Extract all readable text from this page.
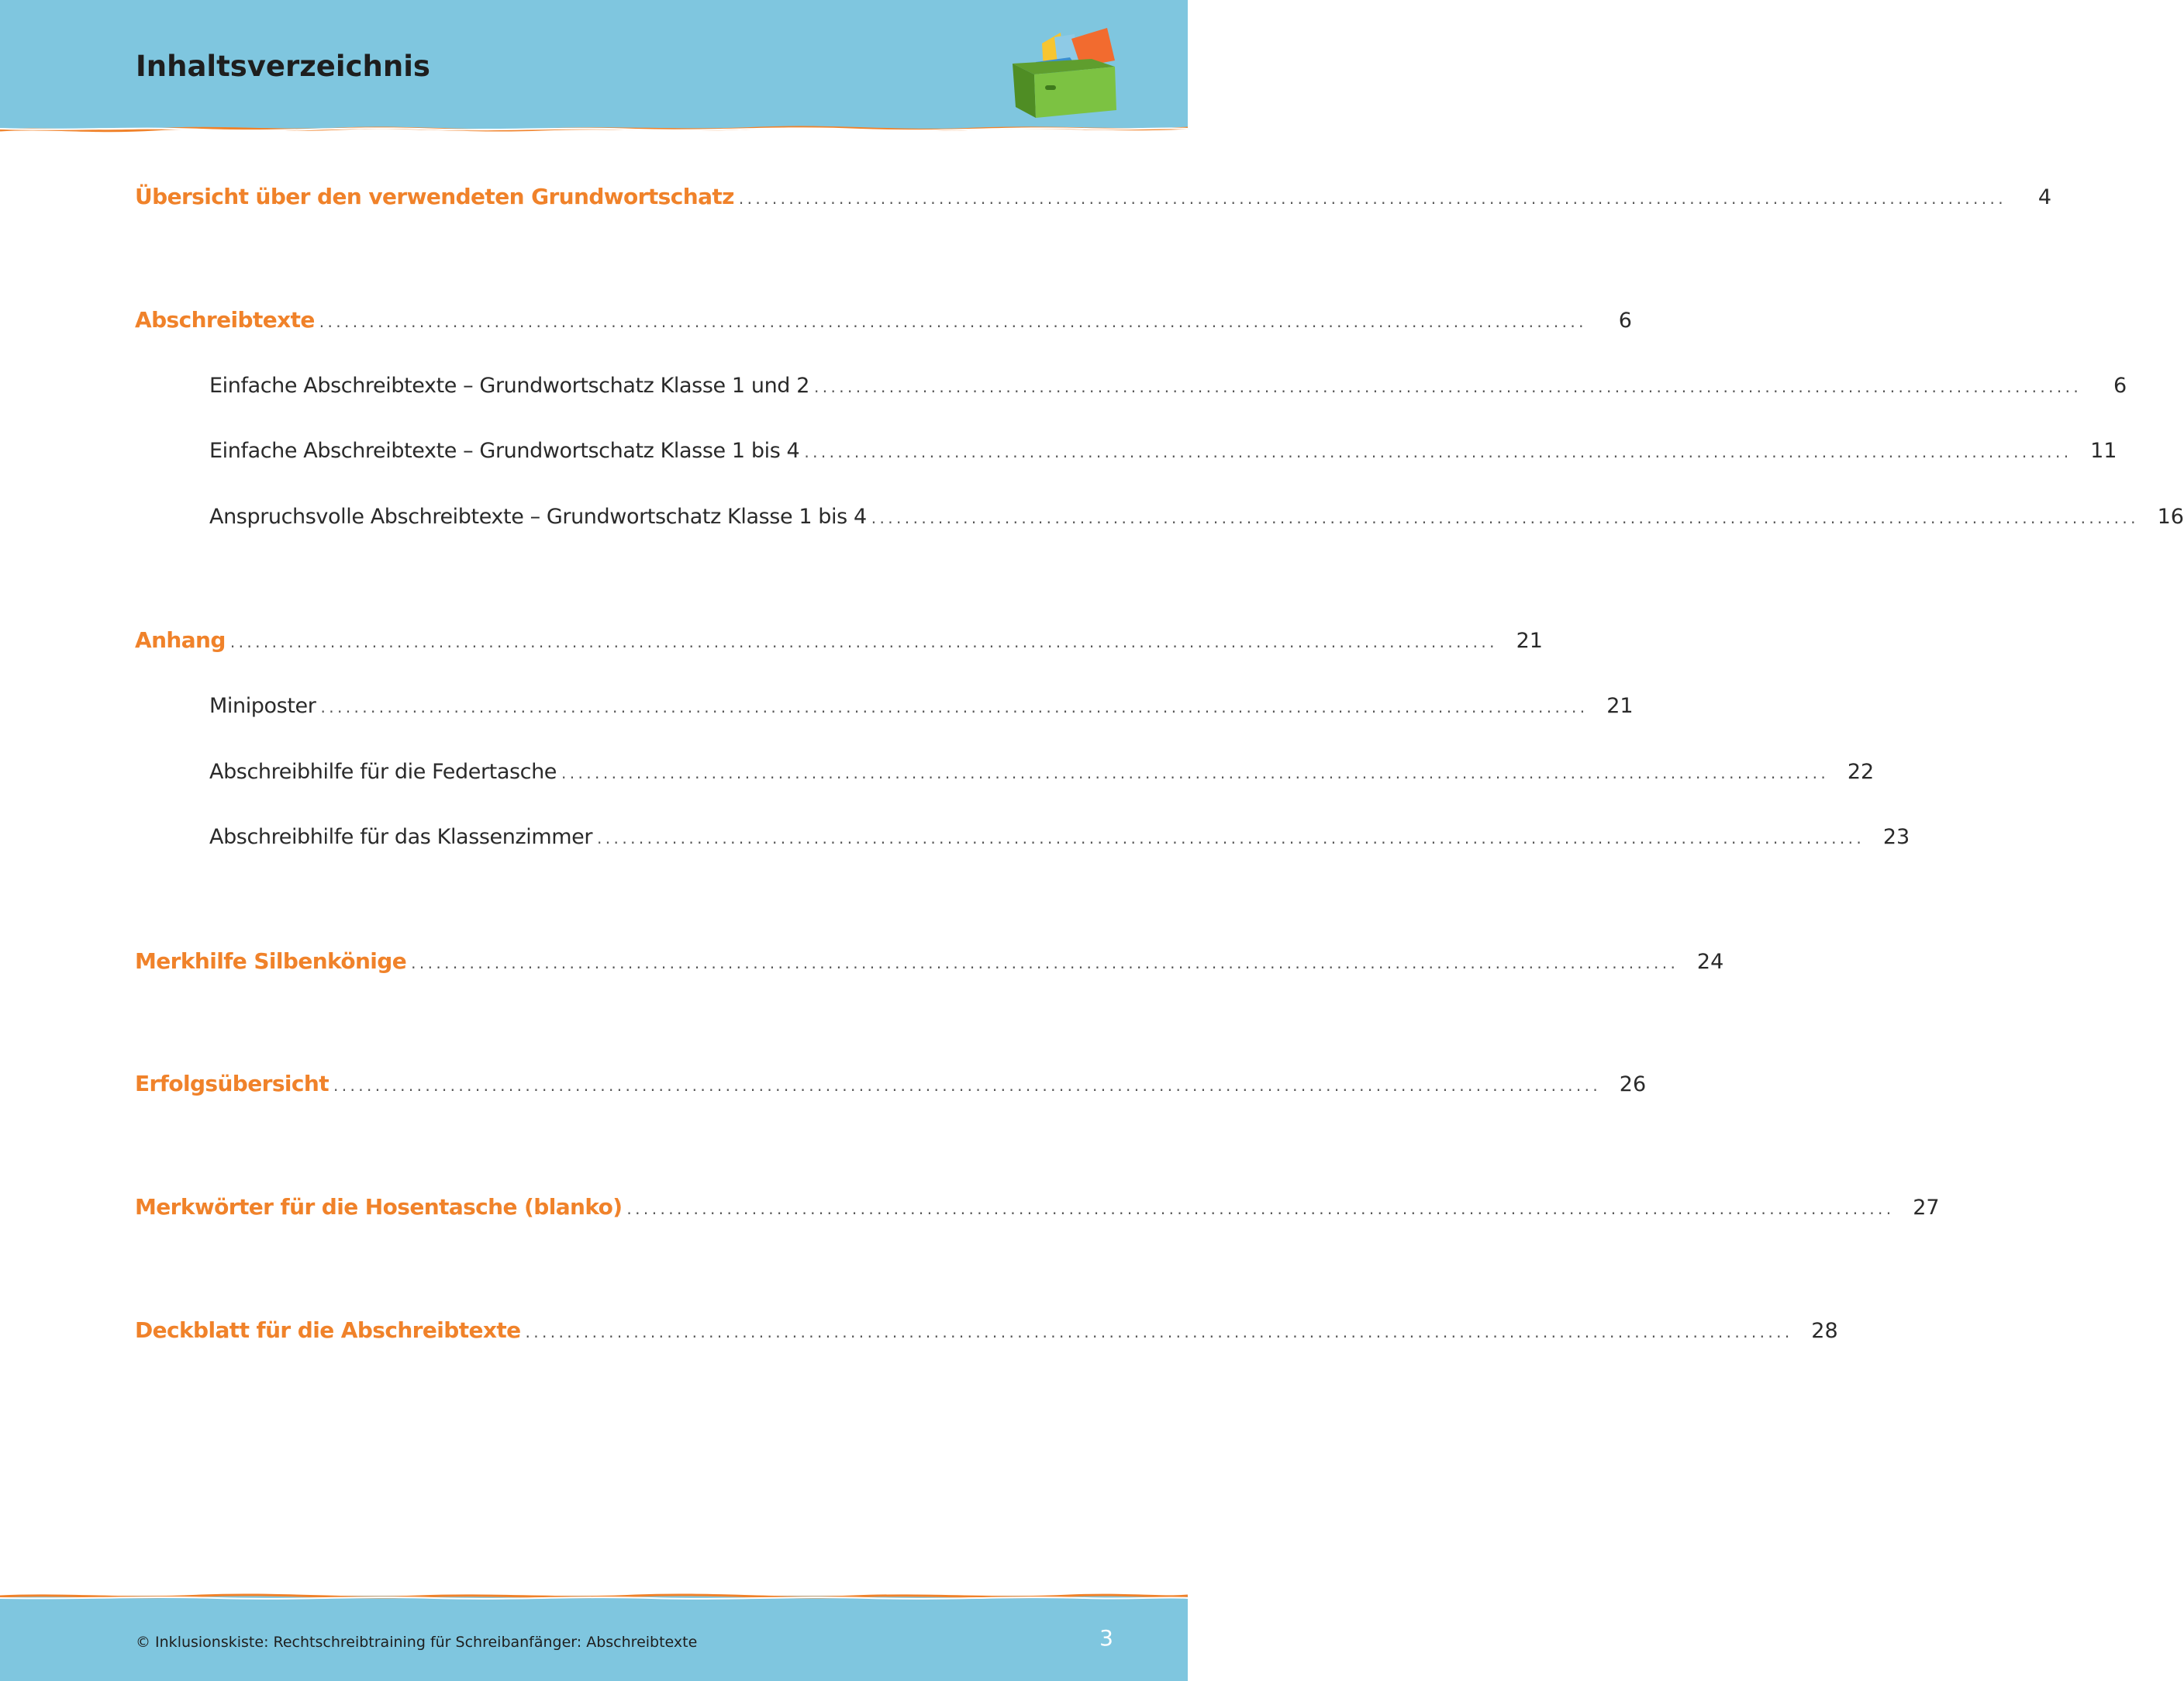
Inhaltsverzeichnis
Übersicht über den verwendeten Grundwortschatz ........................................................................................................................................................	4
Abschreibtexte ........................................................................................................................................................	6
Einfache Abschreibtexte – Grundwortschatz Klasse 1 und 2 ........................................................................................................................................................	6
Einfache Abschreibtexte – Grundwortschatz Klasse 1 bis 4 ........................................................................................................................................................ 11
Anspruchsvolle Abschreibtexte – Grundwortschatz Klasse 1 bis 4 ........................................................................................................................................................ 16
Anhang ........................................................................................................................................................ 21
Miniposter ........................................................................................................................................................ 21
Abschreibhilfe für die Federtasche ........................................................................................................................................................ 22
Abschreibhilfe für das Klassenzimmer ........................................................................................................................................................ 23
Merkhilfe Silbenkönige ........................................................................................................................................................ 24
Erfolgsübersicht ........................................................................................................................................................ 26
Merkwörter für die Hosentasche (blanko) ........................................................................................................................................................ 27
Deckblatt für die Abschreibtexte ........................................................................................................................................................ 28
© Inklusionskiste: Rechtschreibtraining für Schreibanfänger: Abschreibtexte	3
